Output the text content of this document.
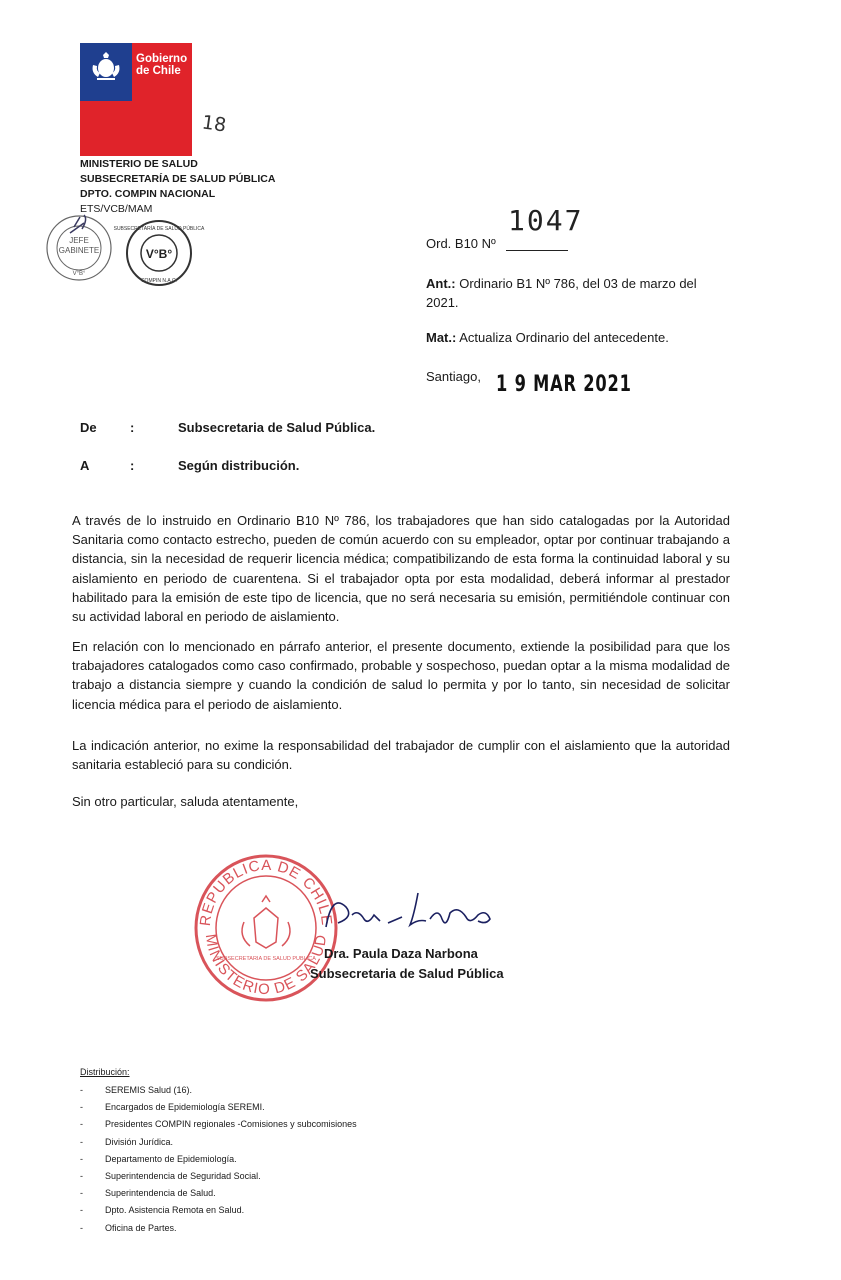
Gobierno
de Chile
18
MINISTERIO DE SALUD
SUBSECRETARÍA DE SALUD PÚBLICA
DPTO. COMPIN NACIONAL
ETS/VCB/MAM
JEFE
GABINETE
V°B°
V°B°
SUBSECRETARÍA DE SALUD PÚBLICA
COMPIN N.A.C.
1047
Ord. B10 Nº
Ant.: Ordinario B1 Nº 786, del 03 de marzo del 2021.
Mat.: Actualiza Ordinario del antecedente.
Santiago, 1 9 MAR 2021
De	:	Subsecretaria de Salud Pública.
A	:	Según distribución.
A través de lo instruido en Ordinario B10 Nº 786, los trabajadores que han sido catalogadas por la Autoridad Sanitaria como contacto estrecho, pueden de común acuerdo con su empleador, optar por continuar trabajando a distancia, sin la necesidad de requerir licencia médica; compatibilizando de esta forma la continuidad laboral y su aislamiento en periodo de cuarentena. Si el trabajador opta por esta modalidad, deberá informar al prestador habilitado para la emisión de este tipo de licencia, que no será necesaria su emisión, permitiéndole continuar con su actividad laboral en periodo de aislamiento.
En relación con lo mencionado en párrafo anterior, el presente documento, extiende la posibilidad para que los trabajadores catalogados como caso confirmado, probable y sospechoso, puedan optar a la misma modalidad de trabajo a distancia siempre y cuando la condición de salud lo permita y por lo tanto, sin necesidad de solicitar licencia médica para el periodo de aislamiento.
La indicación anterior, no exime la responsabilidad del trabajador de cumplir con el aislamiento que la autoridad sanitaria estableció para su condición.
Sin otro particular, saluda atentamente,
REPUBLICA DE CHILE
MINISTERIO DE SALUD
SUBSECRETARIA DE SALUD PUBLICA Dra. Paula Daza Narbona
Subsecretaria de Salud Pública
Distribución:
-	SEREMIS Salud (16).
-	Encargados de Epidemiología SEREMI.
-	Presidentes COMPIN regionales -Comisiones y subcomisiones
-	División Jurídica.
-	Departamento de Epidemiología.
-	Superintendencia de Seguridad Social.
-	Superintendencia de Salud.
-	Dpto. Asistencia Remota en Salud.
-	Oficina de Partes.
